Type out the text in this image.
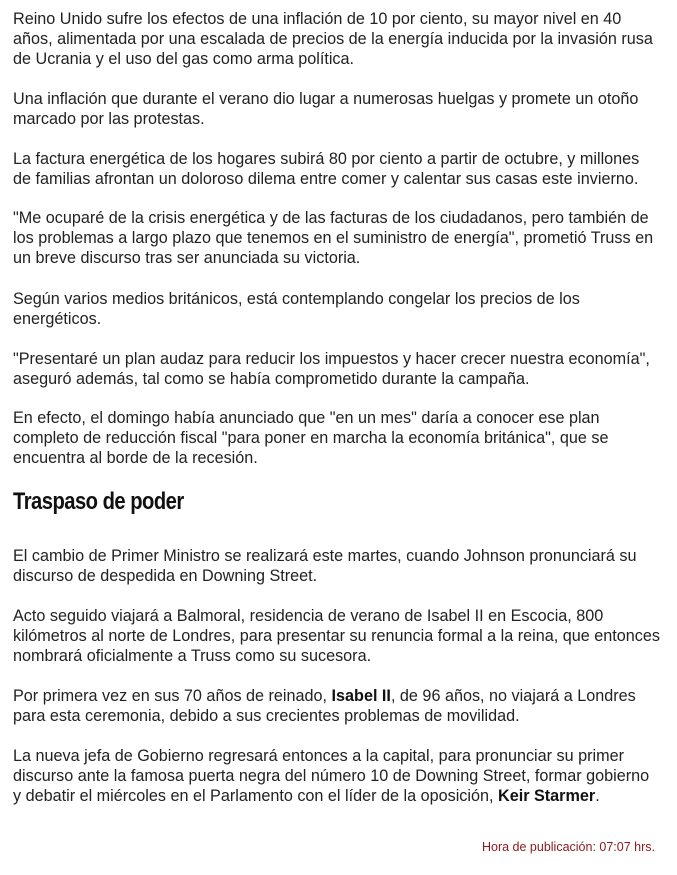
Reino Unido sufre los efectos de una inflación de 10 por ciento, su mayor nivel en 40 años, alimentada por una escalada de precios de la energía inducida por la invasión rusa de Ucrania y el uso del gas como arma política.

Una inflación que durante el verano dio lugar a numerosas huelgas y promete un otoño marcado por las protestas.

La factura energética de los hogares subirá 80 por ciento a partir de octubre, y millones de familias afrontan un doloroso dilema entre comer y calentar sus casas este invierno.

"Me ocuparé de la crisis energética y de las facturas de los ciudadanos, pero también de los problemas a largo plazo que tenemos en el suministro de energía", prometió Truss en un breve discurso tras ser anunciada su victoria.

Según varios medios británicos, está contemplando congelar los precios de los energéticos.

"Presentaré un plan audaz para reducir los impuestos y hacer crecer nuestra economía", aseguró además, tal como se había comprometido durante la campaña.

En efecto, el domingo había anunciado que "en un mes" daría a conocer ese plan completo de reducción fiscal "para poner en marcha la economía británica", que se encuentra al borde de la recesión.

Traspaso de poder

El cambio de Primer Ministro se realizará este martes, cuando Johnson pronunciará su discurso de despedida en Downing Street.

Acto seguido viajará a Balmoral, residencia de verano de Isabel II en Escocia, 800 kilómetros al norte de Londres, para presentar su renuncia formal a la reina, que entonces nombrará oficialmente a Truss como su sucesora.

Por primera vez en sus 70 años de reinado, Isabel II, de 96 años, no viajará a Londres para esta ceremonia, debido a sus crecientes problemas de movilidad.

La nueva jefa de Gobierno regresará entonces a la capital, para pronunciar su primer discurso ante la famosa puerta negra del número 10 de Downing Street, formar gobierno y debatir el miércoles en el Parlamento con el líder de la oposición, Keir Starmer.

Hora de publicación: 07:07 hrs.
